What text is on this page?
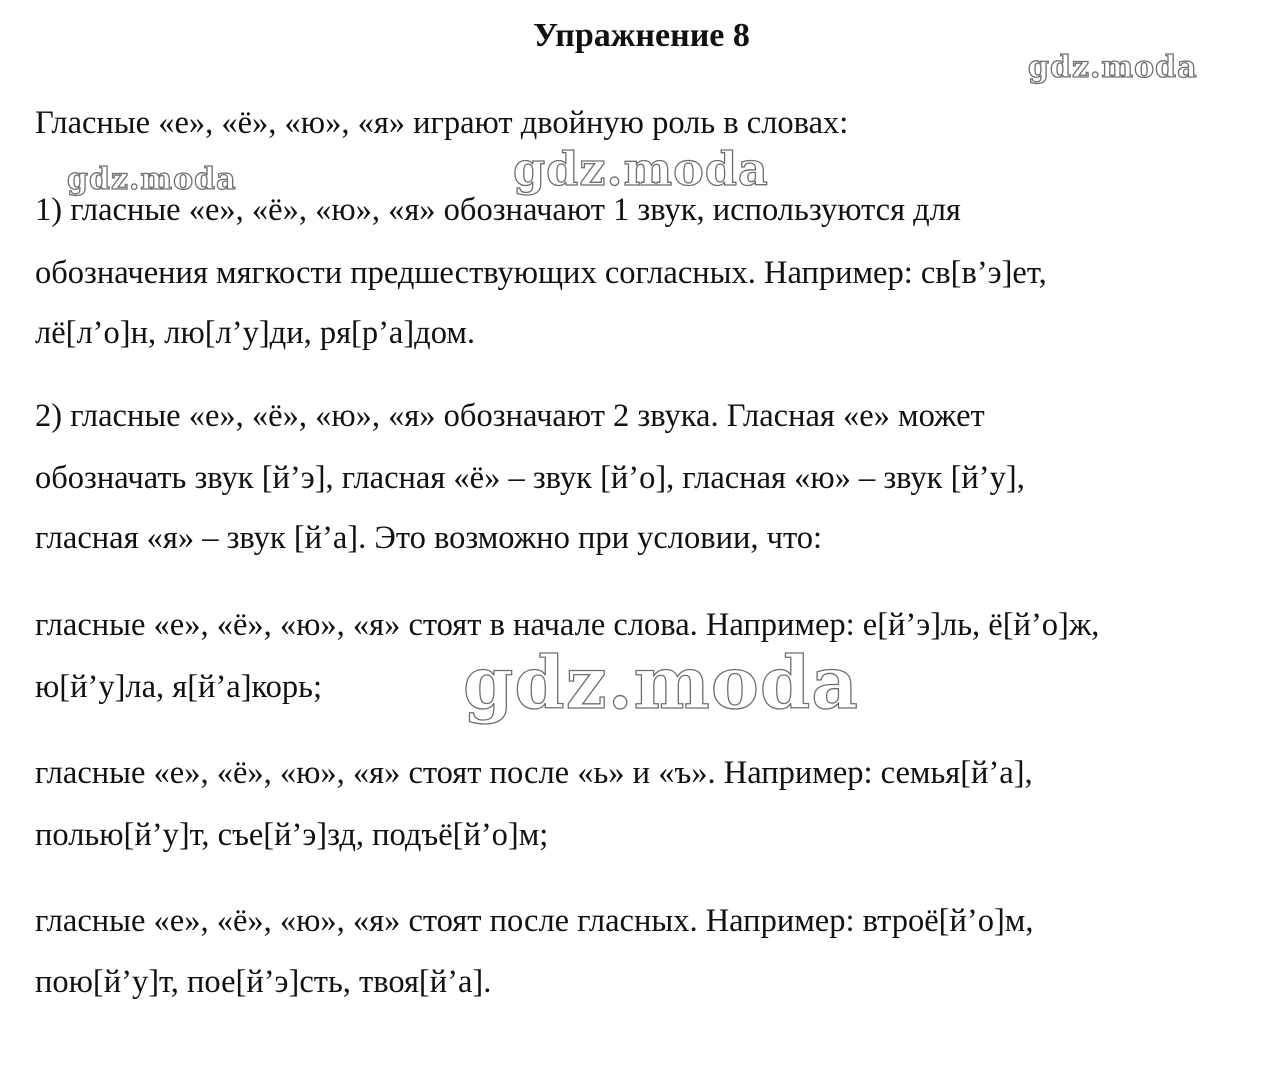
Упражнение 8
Гласные «е», «ё», «ю», «я» играют двойную роль в словах:
1) гласные «е», «ё», «ю», «я» обозначают 1 звук, используются для
обозначения мягкости предшествующих согласных. Например: св[в’э]ет,
лё[л’о]н, лю[л’у]ди, ря[р’а]дом.
2) гласные «е», «ё», «ю», «я» обозначают 2 звука. Гласная «е» может
обозначать звук [й’э], гласная «ё» – звук [й’о], гласная «ю» – звук [й’у],
гласная «я» – звук [й’а]. Это возможно при условии, что:
гласные «е», «ё», «ю», «я» стоят в начале слова. Например: е[й’э]ль, ё[й’о]ж,
ю[й’у]ла, я[й’а]корь;
гласные «е», «ё», «ю», «я» стоят после «ь» и «ъ». Например: семья[й’а],
полью[й’у]т, съе[й’э]зд, подъё[й’о]м;
гласные «е», «ё», «ю», «я» стоят после гласных. Например: втроё[й’о]м,
пою[й’у]т, пое[й’э]сть, твоя[й’а].
gdz.moda
gdz.moda	gdz.moda
gdz.moda
